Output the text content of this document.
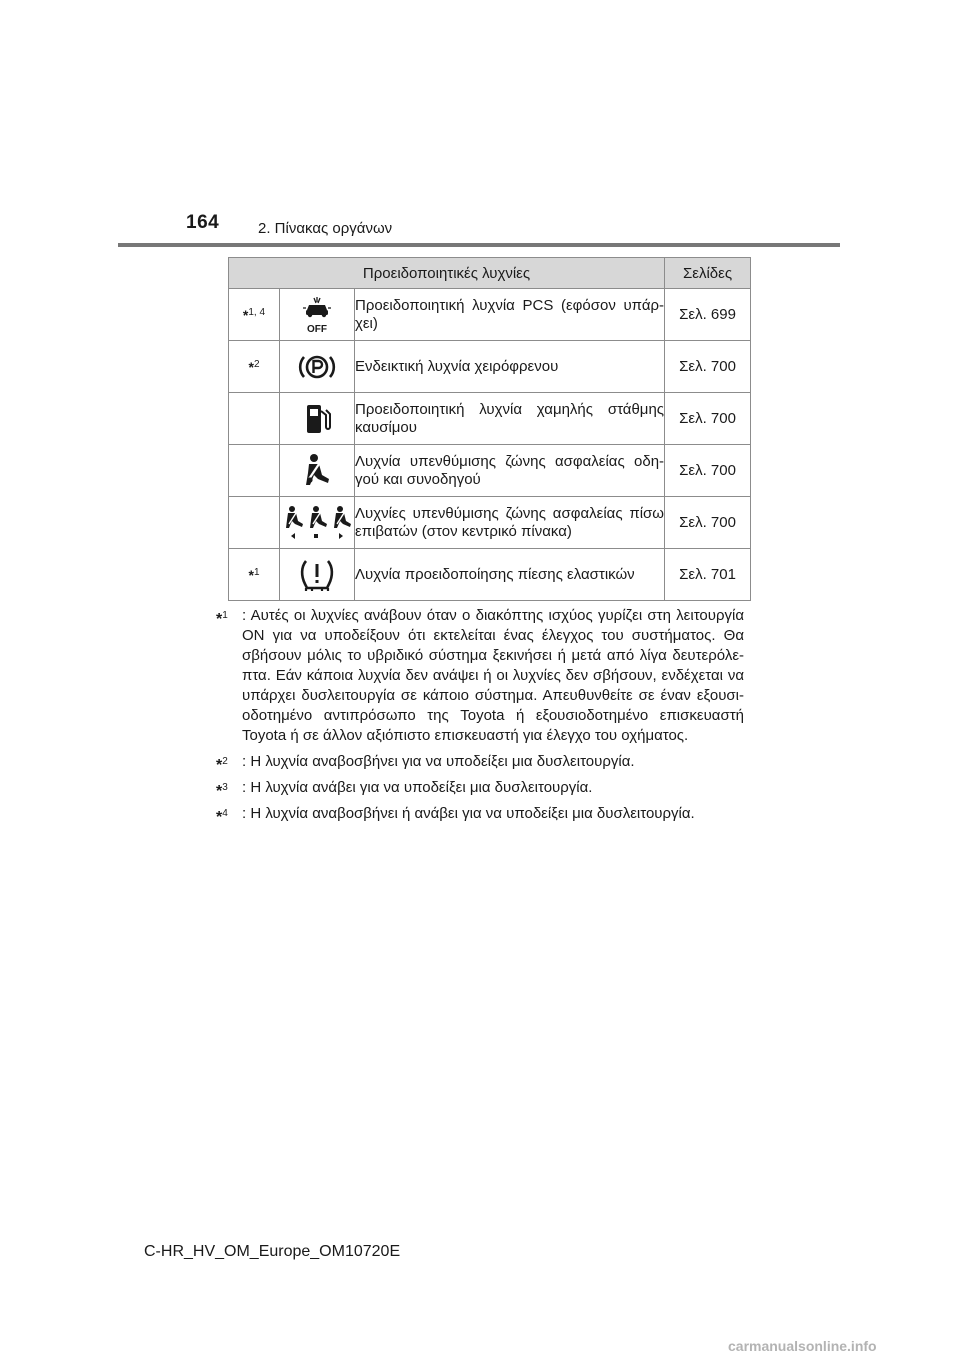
164	2. Πίνακας οργάνων
Προειδοποιητικές λυχνίες			Σελίδες
*$^{1, 4}$	OFF	Προειδοποιητική λυχνία PCS (εφόσον υπάρ- χει)	Σελ. 699
*$^2$		Ενδεικτική λυχνία χειρόφρενου	Σελ. 700
		Προειδοποιητική λυχνία χαμηλής στάθμης καυσίμου	Σελ. 700
		Λυχνία υπενθύμισης ζώνης ασφαλείας οδη- γού και συνοδηγού	Σελ. 700
		Λυχνίες υπενθύμισης ζώνης ασφαλείας πίσω επιβατών (στον κεντρικό πίνακα)	Σελ. 700
*$^1$		Λυχνία προειδοποίησης πίεσης ελαστικών	Σελ. 701
*$^1$ : Αυτές οι λυχνίες ανάβουν όταν ο διακόπτης ισχύος γυρίζει στη λειτουργία ON για να υποδείξουν ότι εκτελείται ένας έλεγχος του συστήματος. Θα σβήσουν μόλις το υβριδικό σύστημα ξεκινήσει ή μετά από λίγα δευτερόλε- πτα. Εάν κάποια λυχνία δεν ανάψει ή οι λυχνίες δεν σβήσουν, ενδέχεται να υπάρχει δυσλειτουργία σε κάποιο σύστημα. Απευθυνθείτε σε έναν εξουσι- οδοτημένο αντιπρόσωπο της Toyota ή εξουσιοδοτημένο επισκευαστή Toyota ή σε άλλον αξιόπιστο επισκευαστή για έλεγχο του οχήματος.
*$^2$ : Η λυχνία αναβοσβήνει για να υποδείξει μια δυσλειτουργία.
*$^3$ : Η λυχνία ανάβει για να υποδείξει μια δυσλειτουργία.
*$^4$ : Η λυχνία αναβοσβήνει ή ανάβει για να υποδείξει μια δυσλειτουργία.
C-HR_HV_OM_Europe_OM10720E
carmanualsonline.info
